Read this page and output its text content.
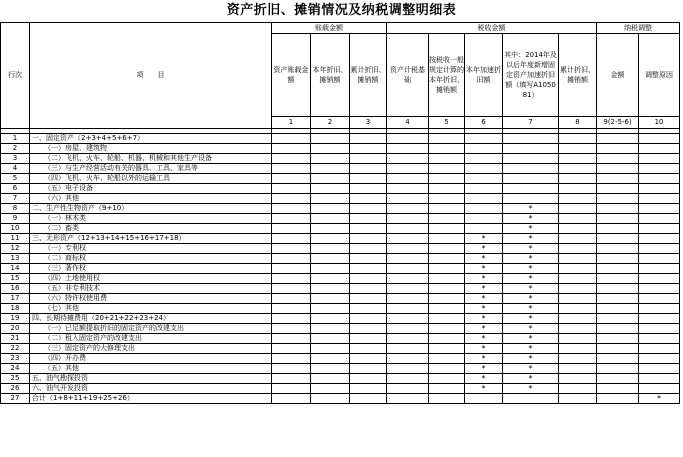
资产折旧、摊销情况及纳税调整明细表
行次	项　　目	账载金额			税收金额					纳税调整	
		资产账载金额	本年折旧、摊销额	累计折旧、摊销额	资产计税基础	按税收一般规定计算的本年折旧、摊销额	本年加速折旧额	其中：2014年及以后年度新增固定资产加速折旧额（填写A105081）	累计折旧、摊销额	金额	调整原因
		1	2	3	4	5	6	7	8	9(2-5-6)	10

1	一、固定资产（2+3+4+5+6+7）										
2	（一）房屋、建筑物										
3	（二）飞机、火车、轮船、机器、机械和其他生产设备										
4	（三）与生产经营活动有关的器具、工具、家具等										
5	（四）飞机、火车、轮船以外的运输工具										
6	（五）电子设备										
7	（六）其他										
8	二、生产性生物资产（9+10）							*			
9	（一）林木类							*			
10	（二）畜类							*			
11	三、无形资产（12+13+14+15+16+17+18）						*	*			
12	（一）专利权						*	*			
13	（二）商标权						*	*			
14	（三）著作权						*	*			
15	（四）土地使用权						*	*			
16	（五）非专利技术						*	*			
17	（六）特许权使用费						*	*			
18	（七）其他						*	*			
19	四、长期待摊费用（20+21+22+23+24）						*	*			
20	（一）已足额提取折旧的固定资产的改建支出						*	*			
21	（二）租入固定资产的改建支出						*	*			
22	（三）固定资产的大修理支出						*	*			
23	（四）开办费						*	*			
24	（五）其他						*	*			
25	五、油气勘探投资						*	*			
26	六、油气开发投资						*	*			
27	合计（1+8+11+19+25+26）										*
